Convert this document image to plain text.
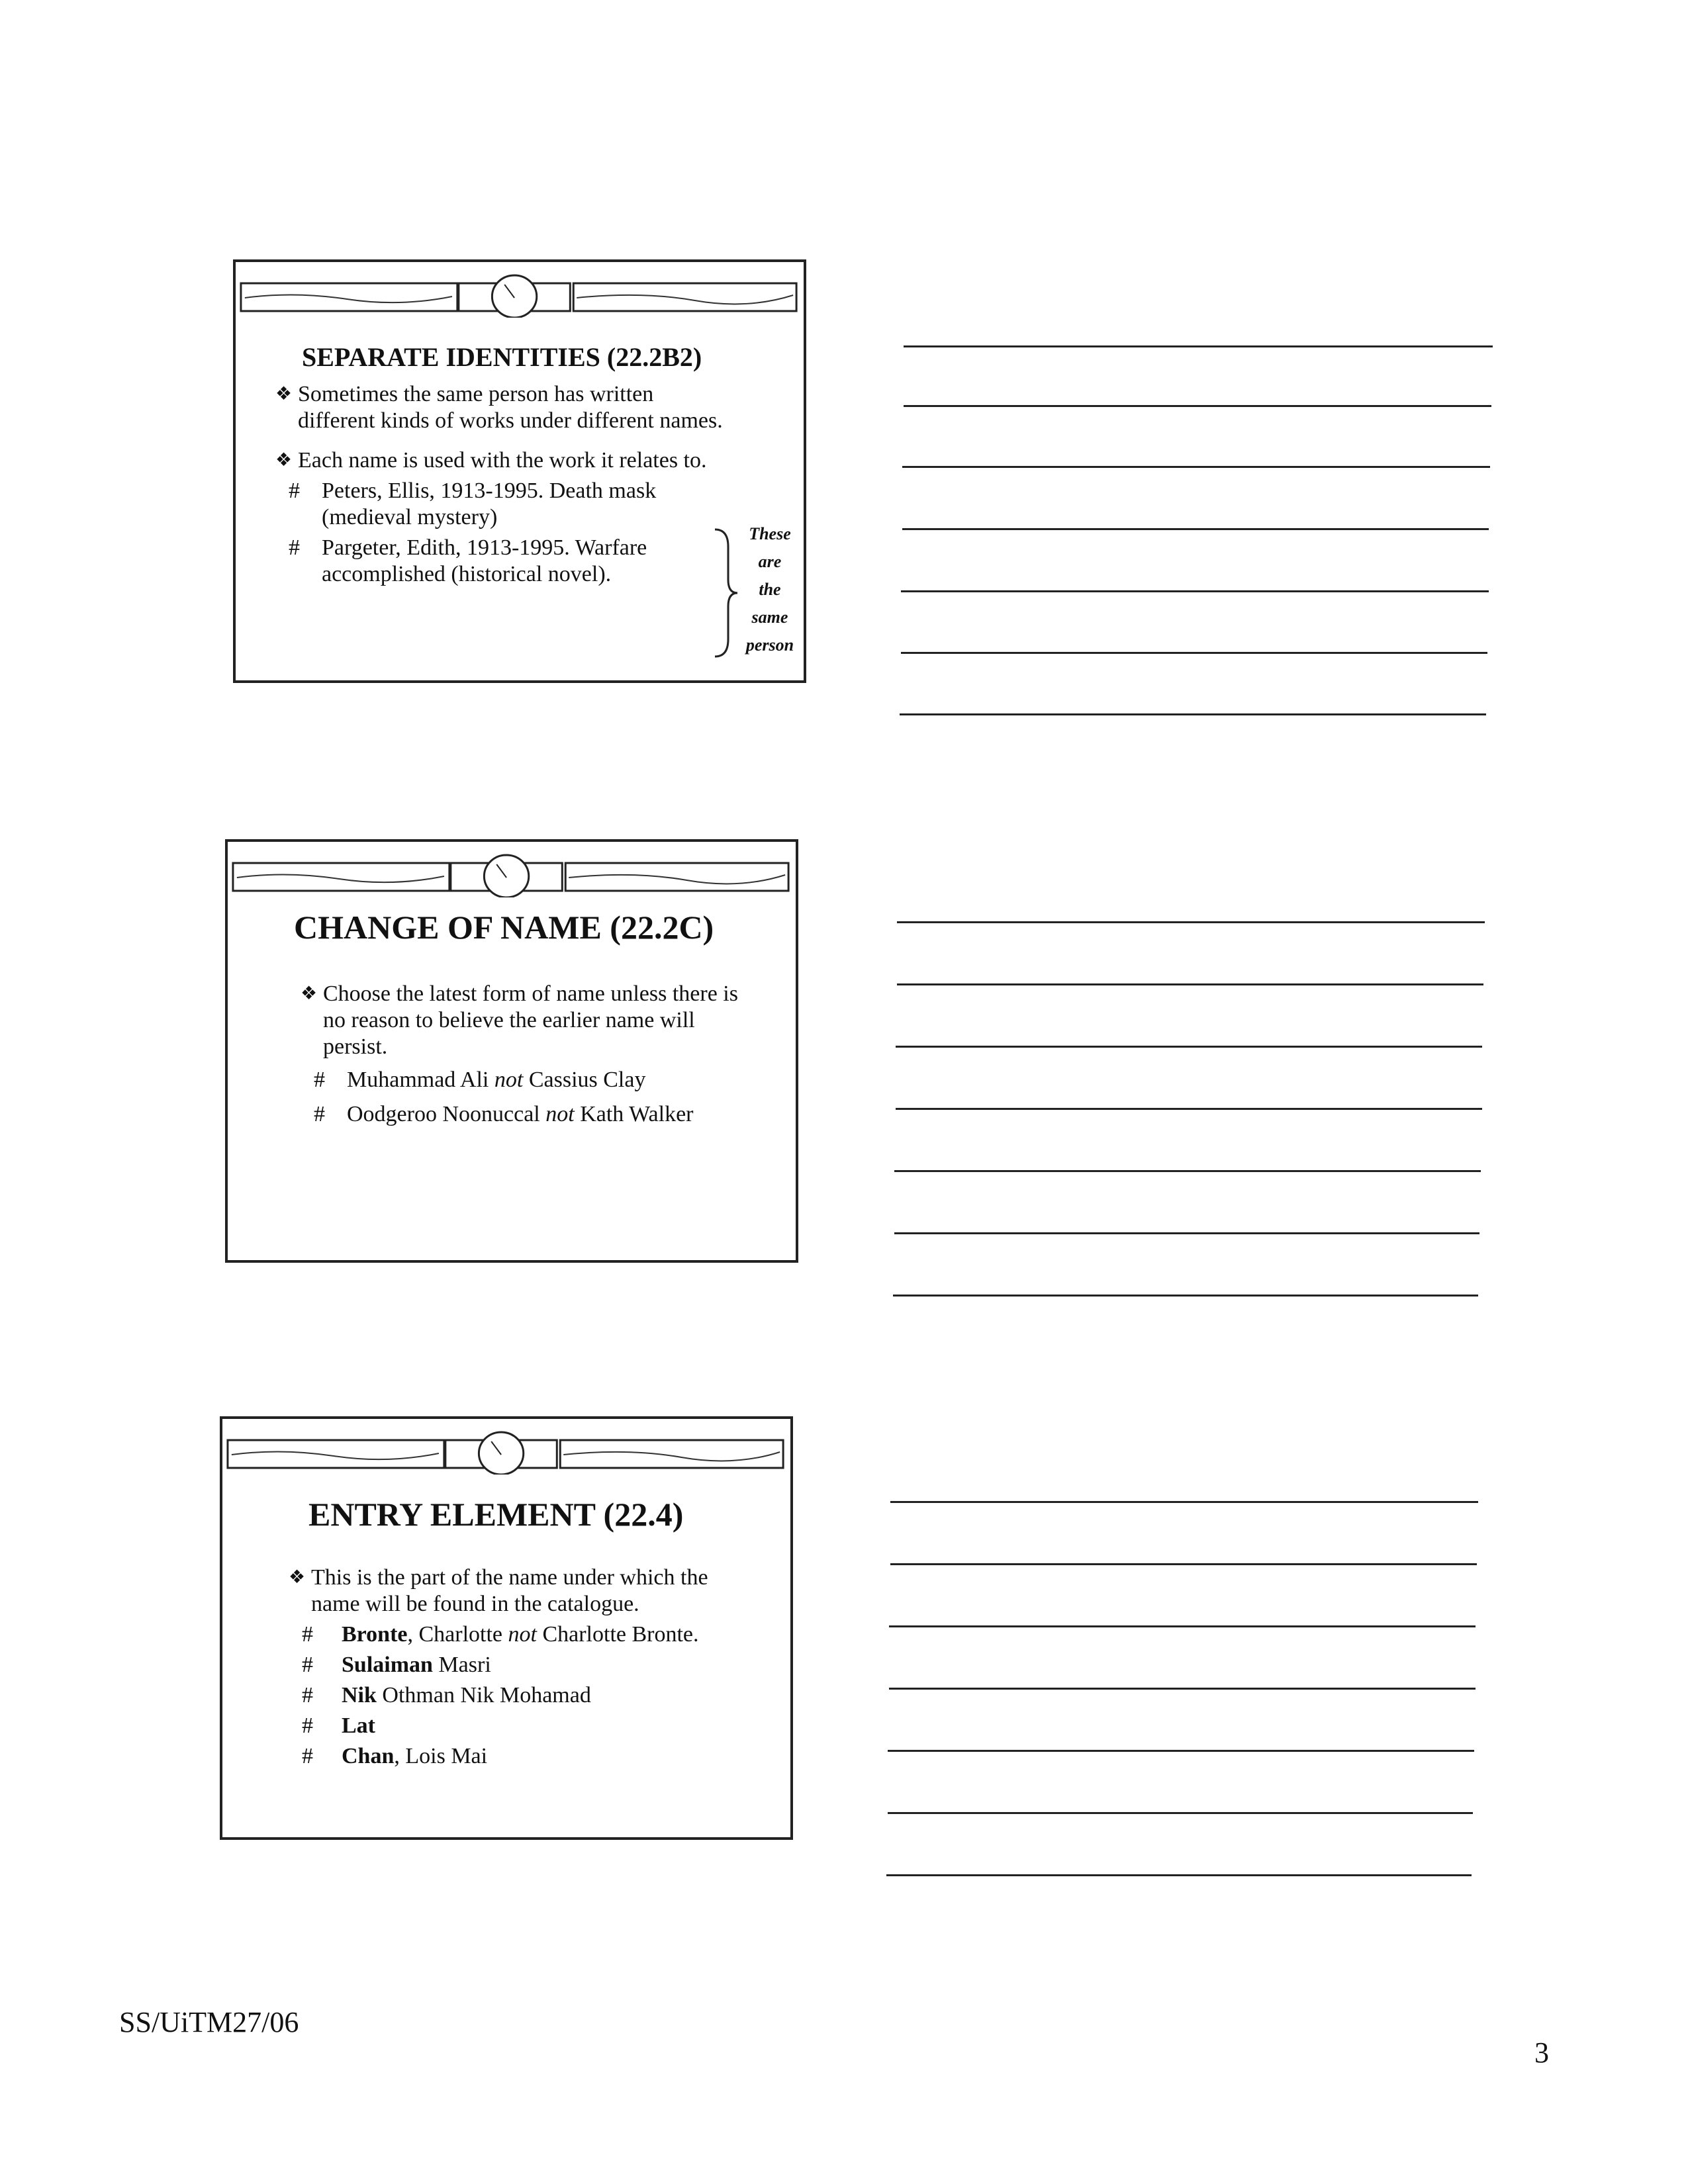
SEPARATE IDENTITIES (22.2B2)
❖ Sometimes the same person has written different kinds of works under different names.
❖ Each name is used with the work it relates to.
# Peters, Ellis, 1913-1995. Death mask (medieval mystery)
# Pargeter, Edith, 1913-1995. Warfare accomplished (historical novel).
These
are
the
same
person
CHANGE OF NAME (22.2C)
❖ Choose the latest form of name unless there is no reason to believe the earlier name will persist.
# Muhammad Ali not Cassius Clay
# Oodgeroo Noonuccal not Kath Walker
ENTRY ELEMENT (22.4)
❖ This is the part of the name under which the name will be found in the catalogue.
# Bronte, Charlotte not Charlotte Bronte.
# Sulaiman Masri
# Nik Othman Nik Mohamad
# Lat
# Chan, Lois Mai
SS/UiTM27/06
3
